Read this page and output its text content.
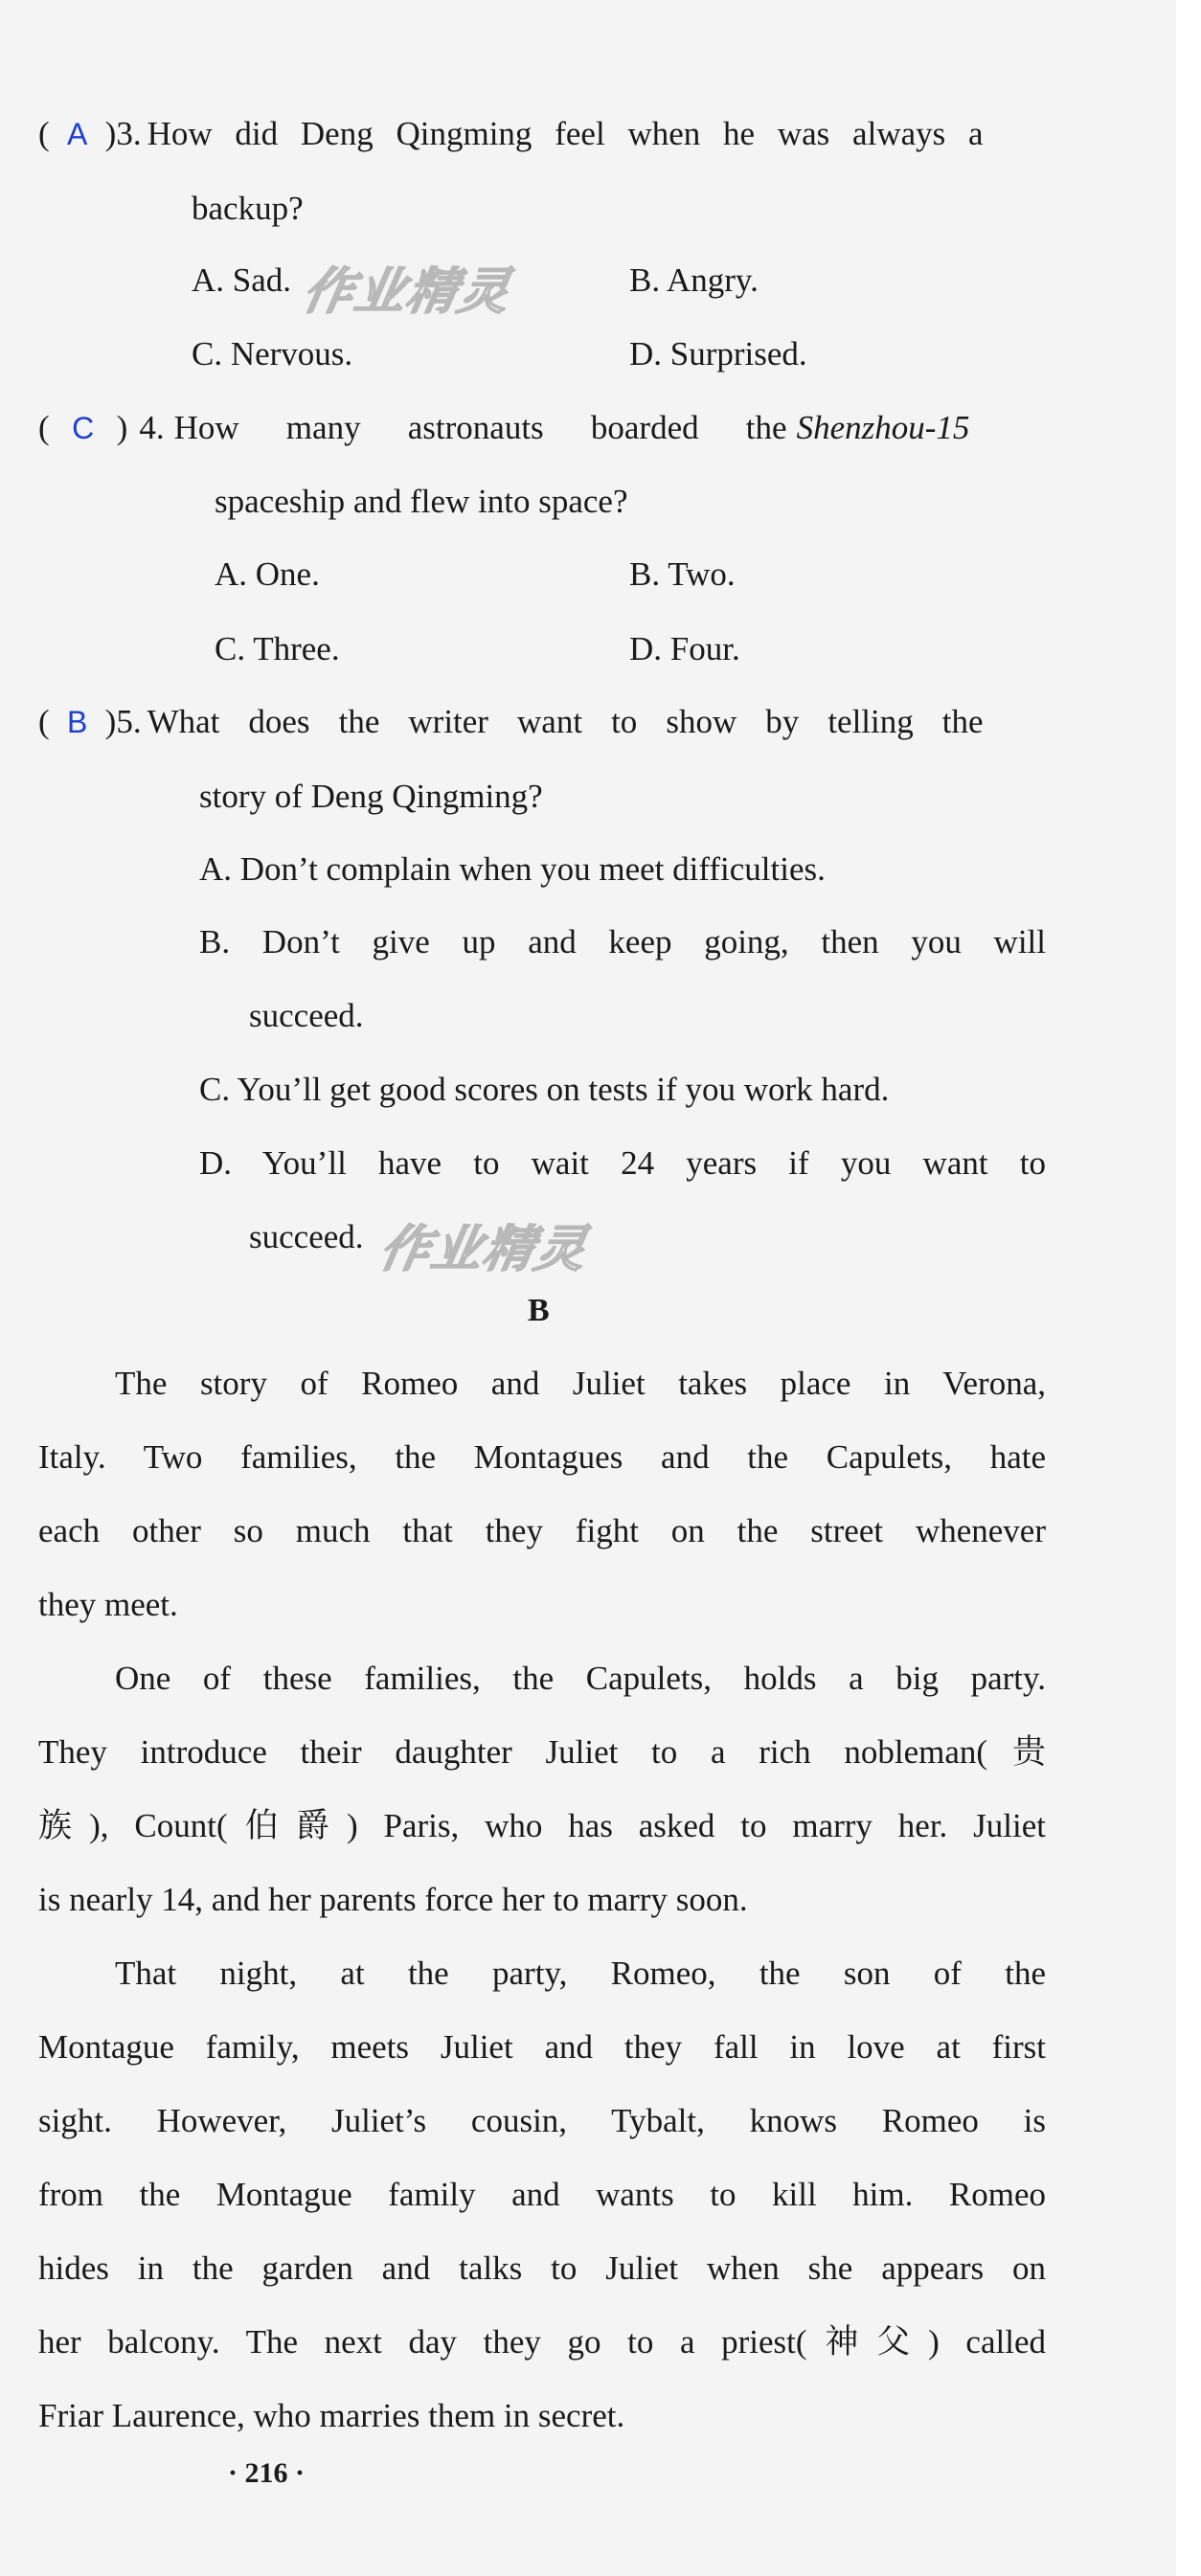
( A )3. How did Deng Qingming feel when he was always a
backup?
A. Sad.	B. Angry.
C. Nervous.	D. Surprised.
作业精灵
( C ) 4. How many astronauts boarded theShenzhou-15
spaceship and flew into space?
A. One.	B. Two.
C. Three.	D. Four.
( B )5. What does the writer want to show by telling the
story of Deng Qingming?
A. Don’t complain when you meet difficulties.
B. Don’t give up and keep going, then you will
succeed.
C. You’ll get good scores on tests if you work hard.
D. You’ll have to wait 24 years if you want to
succeed. 作业精灵
B
The story of Romeo and Juliet takes place in Verona,
Italy. Two families, the Montagues and the Capulets, hate
each other so much that they fight on the street whenever
they meet.
One of these families, the Capulets, holds a big party.
They introduce their daughter Juliet to a rich nobleman(贵
族), Count(伯爵) Paris, who has asked to marry her. Juliet
is nearly 14, and her parents force her to marry soon.
That night, at the party, Romeo, the son of the
Montague family, meets Juliet and they fall in love at first
sight. However, Juliet’s cousin, Tybalt, knows Romeo is
from the Montague family and wants to kill him. Romeo
hides in the garden and talks to Juliet when she appears on
her balcony. The next day they go to a priest(神父) called
Friar Laurence, who marries them in secret.
· 216 ·
